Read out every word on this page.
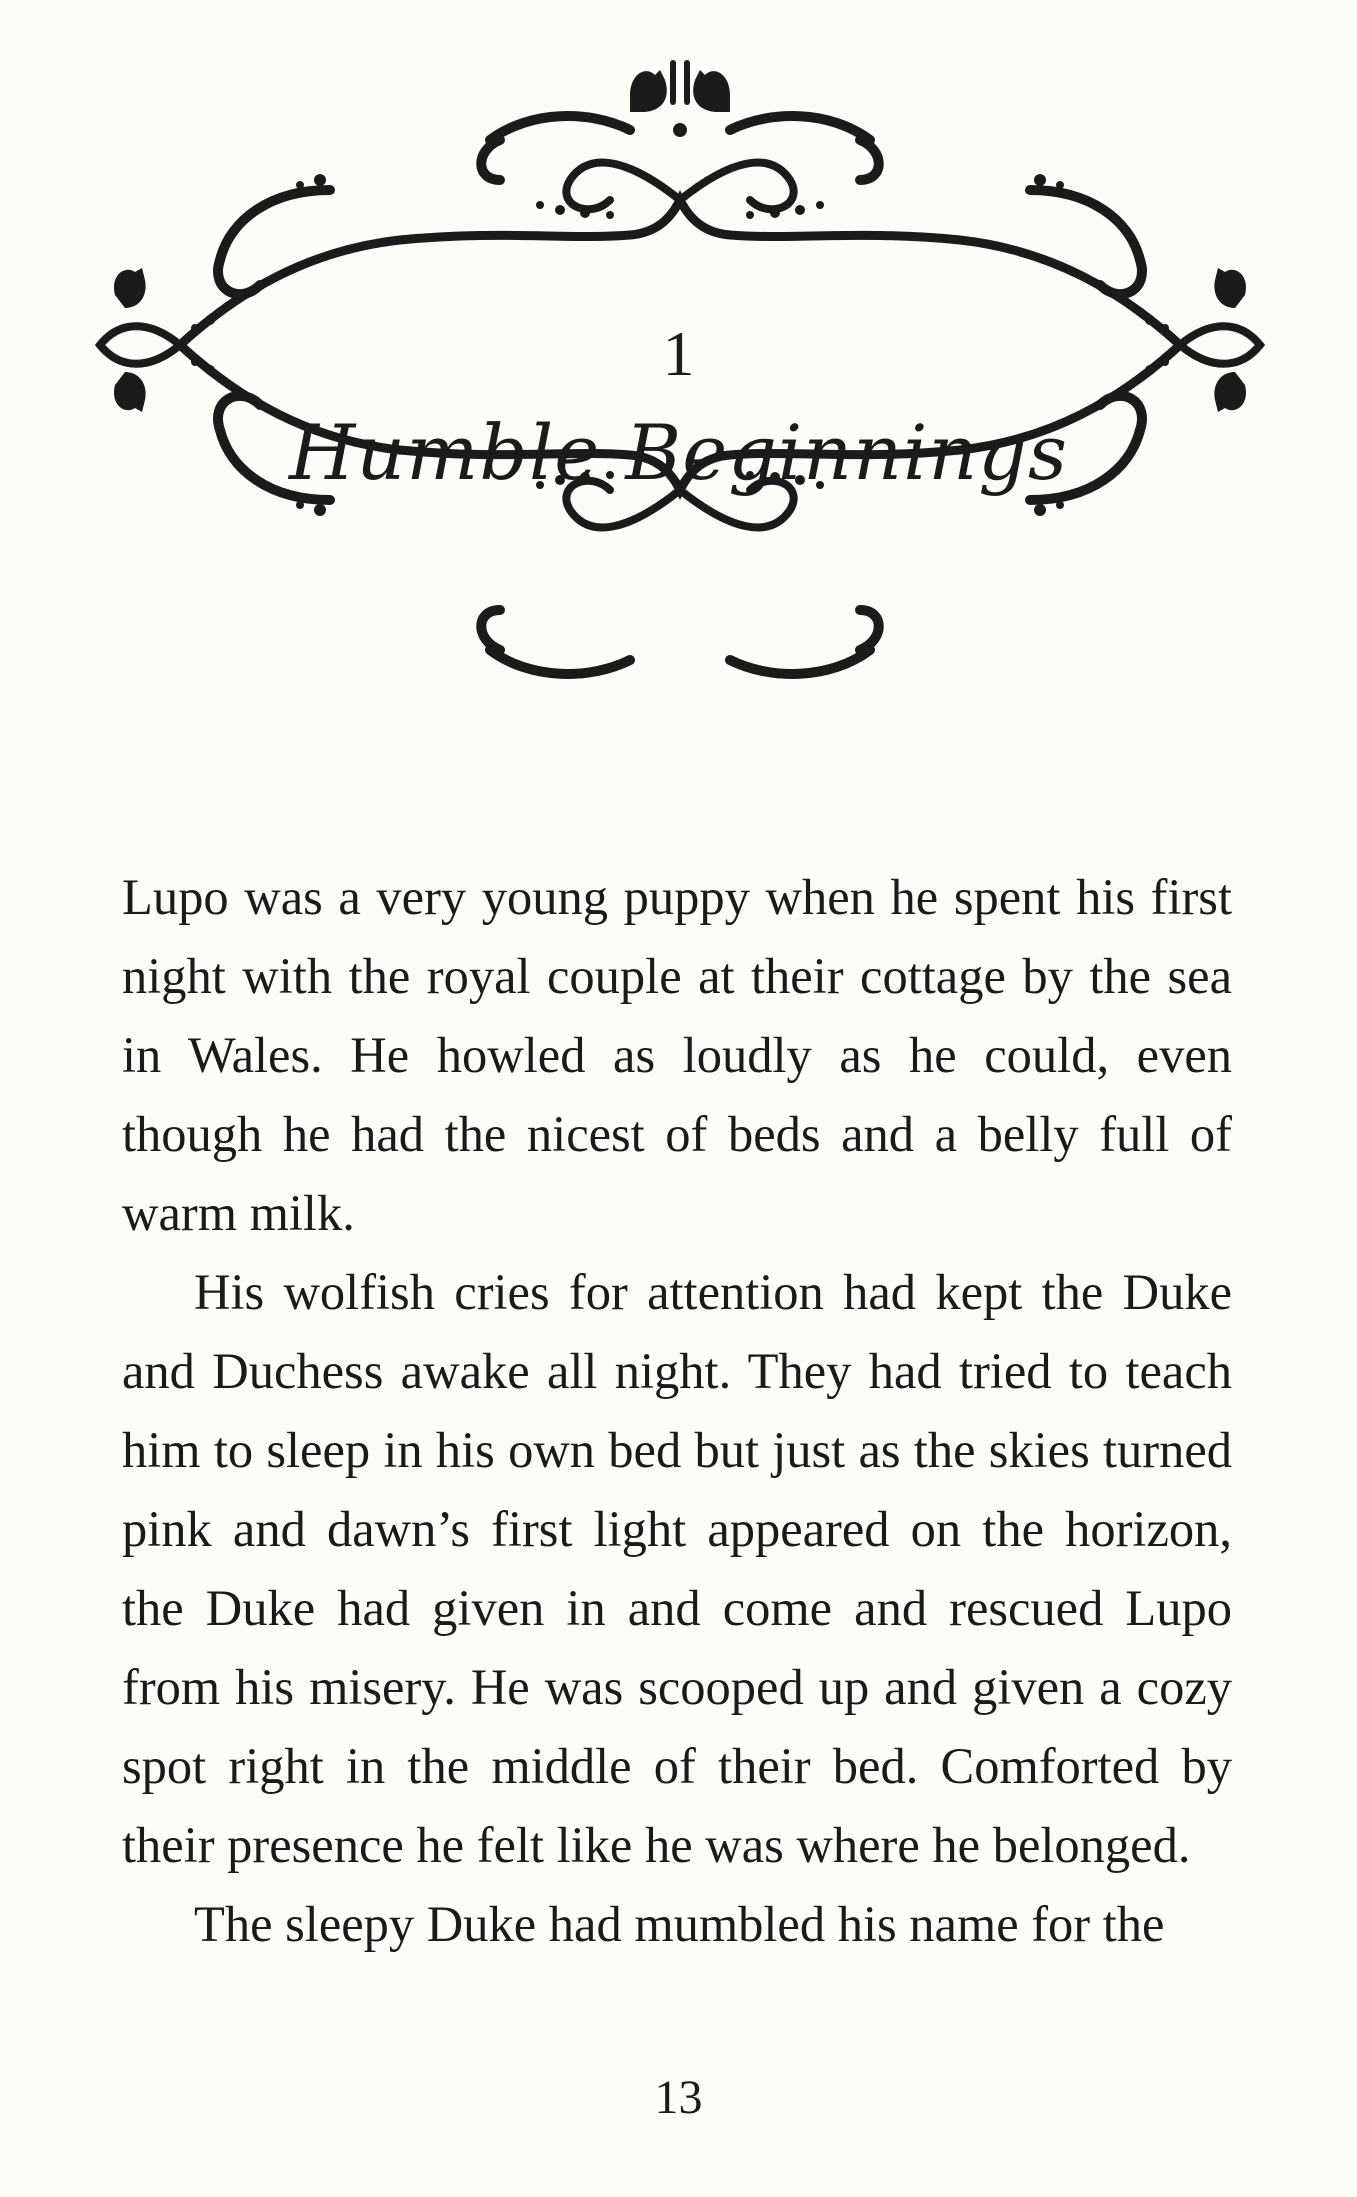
1
Humble Beginnings

Lupo was a very young puppy when he spent his first night with the royal couple at their cottage by the sea in Wales. He howled as loudly as he could, even though he had the nicest of beds and a belly full of warm milk.

His wolfish cries for attention had kept the Duke and Duchess awake all night. They had tried to teach him to sleep in his own bed but just as the skies turned pink and dawn’s first light appeared on the horizon, the Duke had given in and come and rescued Lupo from his misery. He was scooped up and given a cozy spot right in the middle of their bed. Comforted by their presence he felt like he was where he belonged.

The sleepy Duke had mumbled his name for the

13
